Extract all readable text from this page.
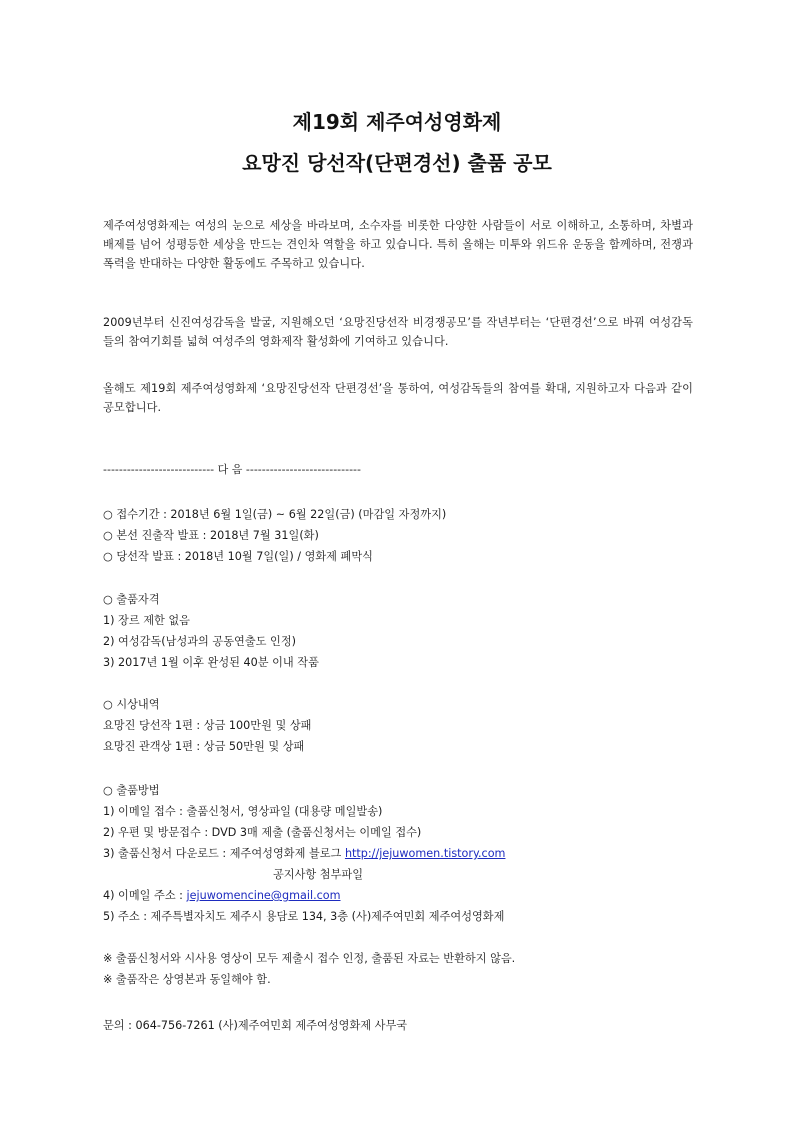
제19회 제주여성영화제
요망진 당선작(단편경선) 출품 공모

제주여성영화제는 여성의 눈으로 세상을 바라보며, 소수자를 비롯한 다양한 사람들이 서로 이해하고, 소통하며, 차별과 배제를 넘어 성평등한 세상을 만드는 견인차 역할을 하고 있습니다. 특히 올해는 미투와 위드유 운동을 함께하며, 전쟁과 폭력을 반대하는 다양한 활동에도 주목하고 있습니다.

2009년부터 신진여성감독을 발굴, 지원해오던 ‘요망진당선작 비경쟁공모’를 작년부터는 ‘단편경선’으로 바꿔 여성감독들의 참여기회를 넓혀 여성주의 영화제작 활성화에 기여하고 있습니다.

올해도 제19회 제주여성영화제 ‘요망진당선작 단편경선’을 통하여, 여성감독들의 참여를 확대, 지원하고자 다음과 같이 공모합니다.

---------------------------- 다 음 -----------------------------
○ 접수기간 : 2018년 6월 1일(금) ~ 6월 22일(금) (마감일 자정까지)
○ 본선 진출작 발표 : 2018년 7월 31일(화)
○ 당선작 발표 : 2018년 10월 7일(일) / 영화제 폐막식
○ 출품자격
1) 장르 제한 없음
2) 여성감독(남성과의 공동연출도 인정)
3) 2017년 1월 이후 완성된 40분 이내 작품
○ 시상내역
요망진 당선작 1편 : 상금 100만원 및 상패
요망진 관객상 1편 : 상금 50만원 및 상패
○ 출품방법
1) 이메일 접수 : 출품신청서, 영상파일 (대용량 메일발송)
2) 우편 및 방문접수 : DVD 3매 제출 (출품신청서는 이메일 접수)
3) 출품신청서 다운로드 : 제주여성영화제 블로그 http://jejuwomen.tistory.com
공지사항 첨부파일
4) 이메일 주소 : jejuwomencine@gmail.com
5) 주소 : 제주특별자치도 제주시 용담로 134, 3층 (사)제주여민회 제주여성영화제
※ 출품신청서와 시사용 영상이 모두 제출시 접수 인정, 출품된 자료는 반환하지 않음.
※ 출품작은 상영본과 동일해야 함.
문의 : 064-756-7261 (사)제주여민회 제주여성영화제 사무국
